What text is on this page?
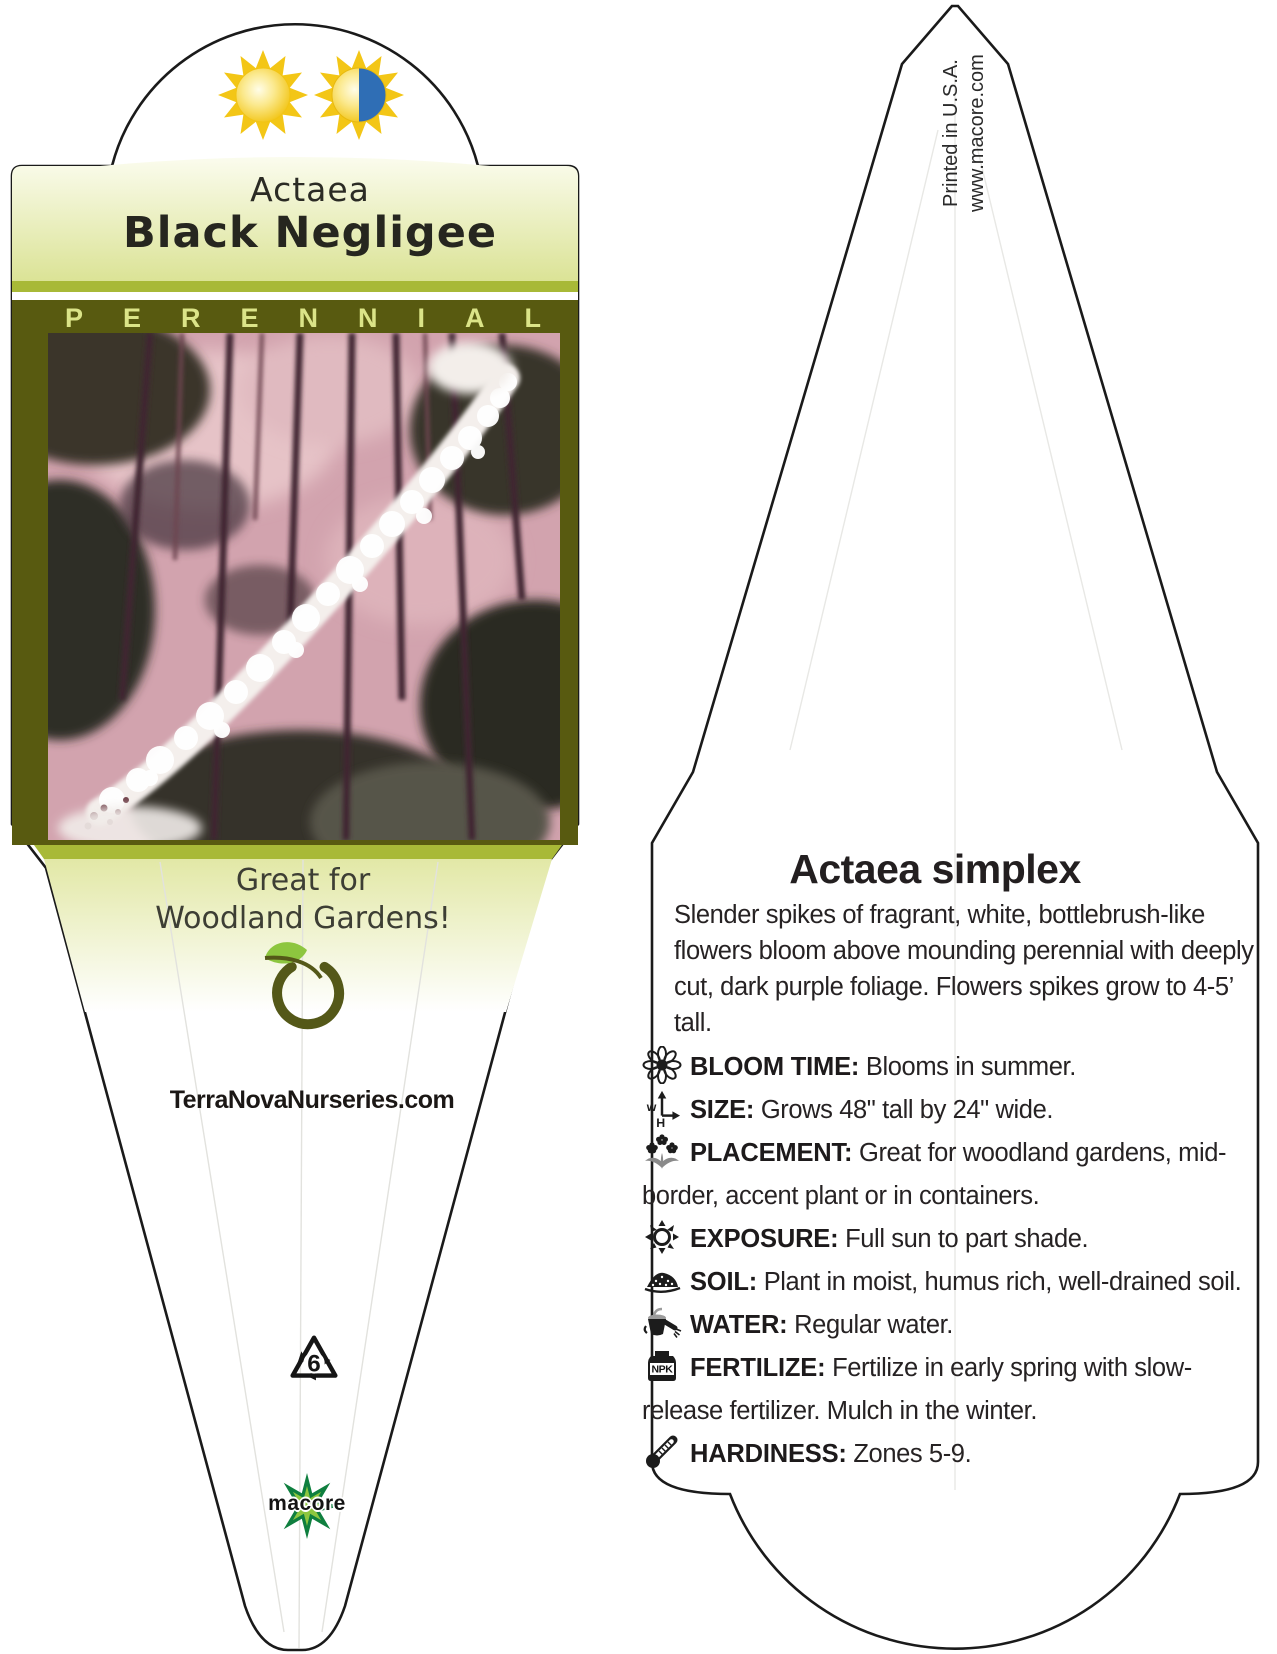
Actaea
Black Negligee
PERENNIAL
Great for
Woodland Gardens!
TerraNovaNurseries.com
6
macore
Printed in U.S.A. www.macore.com
Actaea simplex
Slender spikes of fragrant, white, bottlebrush-like flowers bloom above mounding perennial with deeply cut, dark purple foliage. Flowers spikes grow to 4-5’ tall.

BLOOM TIME: Blooms in summer.

w
H SIZE: Grows 48" tall by 24" wide.

PLACEMENT: Great for woodland gardens, mid-border, accent plant or in containers.

EXPOSURE: Full sun to part shade.

SOIL: Plant in moist, humus rich, well-drained soil.

WATER: Regular water.

NPK FERTILIZE: Fertilize in early spring with slow-release fertilizer. Mulch in the winter.

HARDINESS: Zones 5-9.
